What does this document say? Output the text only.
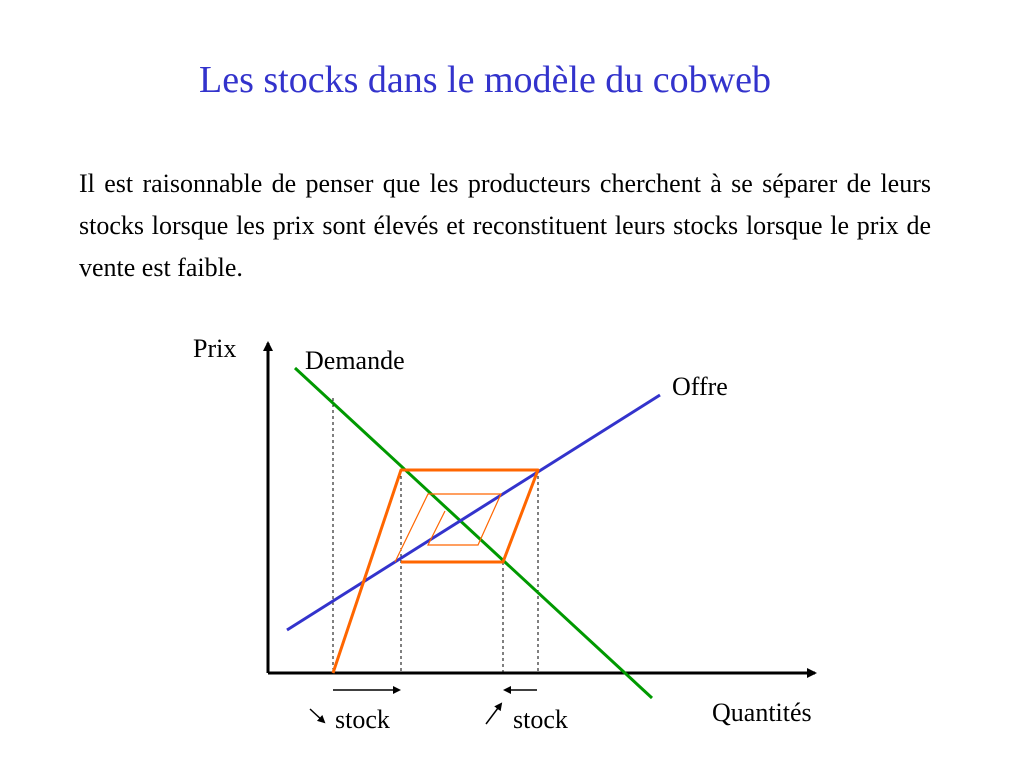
Les stocks dans le modèle du cobweb
Il est raisonnable de penser que les producteurs cherchent à se séparer de leurs stocks lorsque les prix sont élevés et reconstituent leurs stocks lorsque le prix de vente est faible.
Prix	Demande
Offre
Quantités
stock	stock
